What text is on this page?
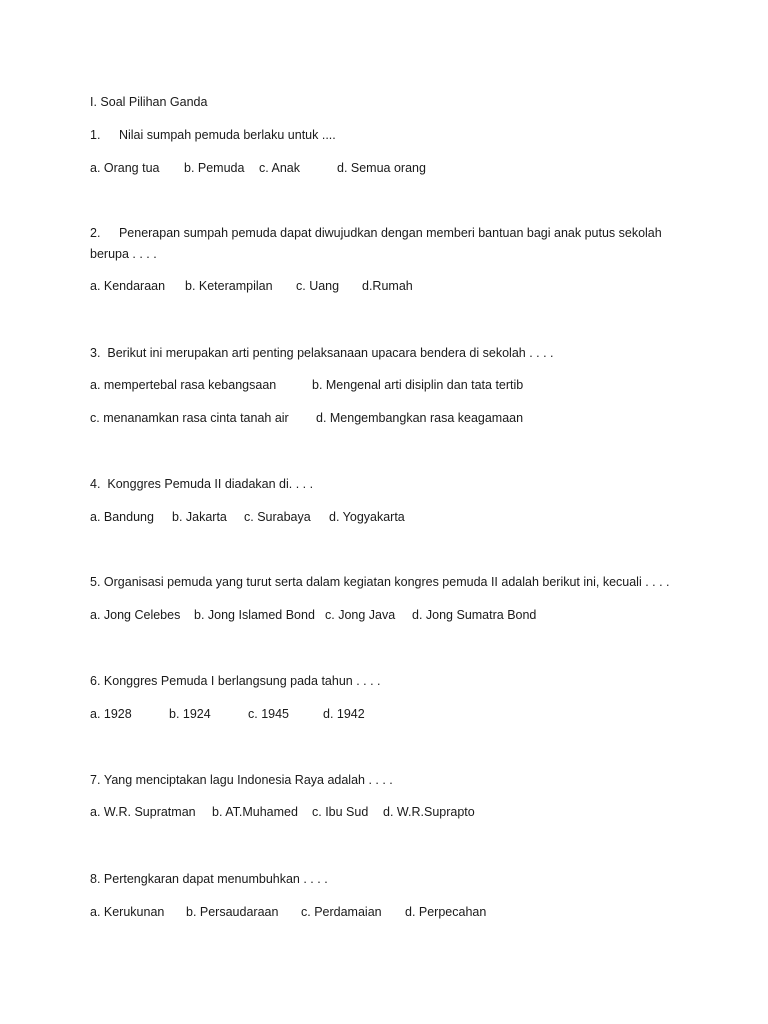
I. Soal Pilihan Ganda
1. Nilai sumpah pemuda berlaku untuk ....
a. Orang tua b. Pemuda c. Anak	d. Semua orang
2. Penerapan sumpah pemuda dapat diwujudkan dengan memberi bantuan bagi anak putus sekolah
berupa . . . .
a. Kendaraan b. Keterampilan c. Uang d.Rumah
3. Berikut ini merupakan arti penting pelaksanaan upacara bendera di sekolah . . . .
a. mempertebal rasa kebangsaan	b. Mengenal arti disiplin dan tata tertib
c. menanamkan rasa cinta tanah air d. Mengembangkan rasa keagamaan
4. Konggres Pemuda II diadakan di. . . .
a. Bandung b. Jakarta c. Surabaya d. Yogyakarta
5. Organisasi pemuda yang turut serta dalam kegiatan kongres pemuda II adalah berikut ini, kecuali . . . .
a. Jong Celebes b. Jong Islamed Bond c. Jong Java d. Jong Sumatra Bond
6. Konggres Pemuda I berlangsung pada tahun . . . .
a. 1928	b. 1924	c. 1945	d. 1942
7. Yang menciptakan lagu Indonesia Raya adalah . . . .
a. W.R. Supratman b. AT.Muhamed c. Ibu Sud d. W.R.Suprapto
8. Pertengkaran dapat menumbuhkan . . . .
a. Kerukunan b. Persaudaraan c. Perdamaian d. Perpecahan
